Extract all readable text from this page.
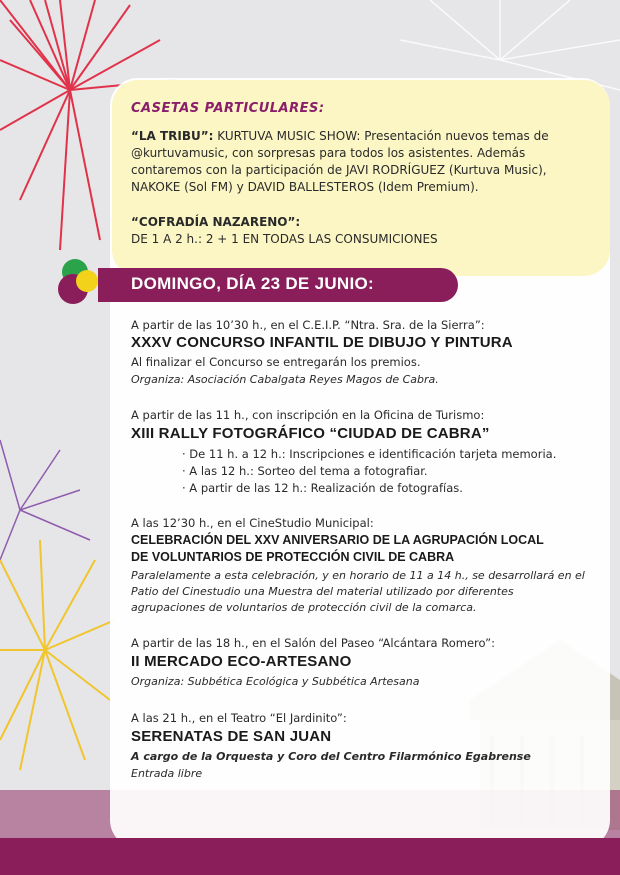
CASETAS PARTICULARES:
“LA TRIBU”: KURTUVA MUSIC SHOW: Presentación nuevos temas de
@kurtuvamusic, con sorpresas para todos los asistentes. Además
contaremos con la participación de JAVI RODRÍGUEZ (Kurtuva Music),
NAKOKE (Sol FM) y DAVID BALLESTEROS (Idem Premium).
“COFRADÍA NAZARENO”:
DE 1 A 2 h.: 2 + 1 EN TODAS LAS CONSUMICIONES
DOMINGO, DÍA 23 DE JUNIO:
A partir de las 10’30 h., en el C.E.I.P. “Ntra. Sra. de la Sierra”:
XXXV CONCURSO INFANTIL DE DIBUJO Y PINTURA
Al finalizar el Concurso se entregarán los premios.
Organiza: Asociación Cabalgata Reyes Magos de Cabra.
A partir de las 11 h., con inscripción en la Oficina de Turismo:
XIII RALLY FOTOGRÁFICO “CIUDAD DE CABRA”
· De 11 h. a 12 h.: Inscripciones e identificación tarjeta memoria.
· A las 12 h.: Sorteo del tema a fotografiar.
· A partir de las 12 h.: Realización de fotografías.
A las 12’30 h., en el CineStudio Municipal:
CELEBRACIÓN DEL XXV ANIVERSARIO DE LA AGRUPACIÓN LOCAL
DE VOLUNTARIOS DE PROTECCIÓN CIVIL DE CABRA
Paralelamente a esta celebración, y en horario de 11 a 14 h., se desarrollará en el
Patio del Cinestudio una Muestra del material utilizado por diferentes
agrupaciones de voluntarios de protección civil de la comarca.
A partir de las 18 h., en el Salón del Paseo “Alcántara Romero”:
II MERCADO ECO-ARTESANO
Organiza: Subbética Ecológica y Subbética Artesana
A las 21 h., en el Teatro “El Jardinito”:
SERENATAS DE SAN JUAN
A cargo de la Orquesta y Coro del Centro Filarmónico Egabrense
Entrada libre
